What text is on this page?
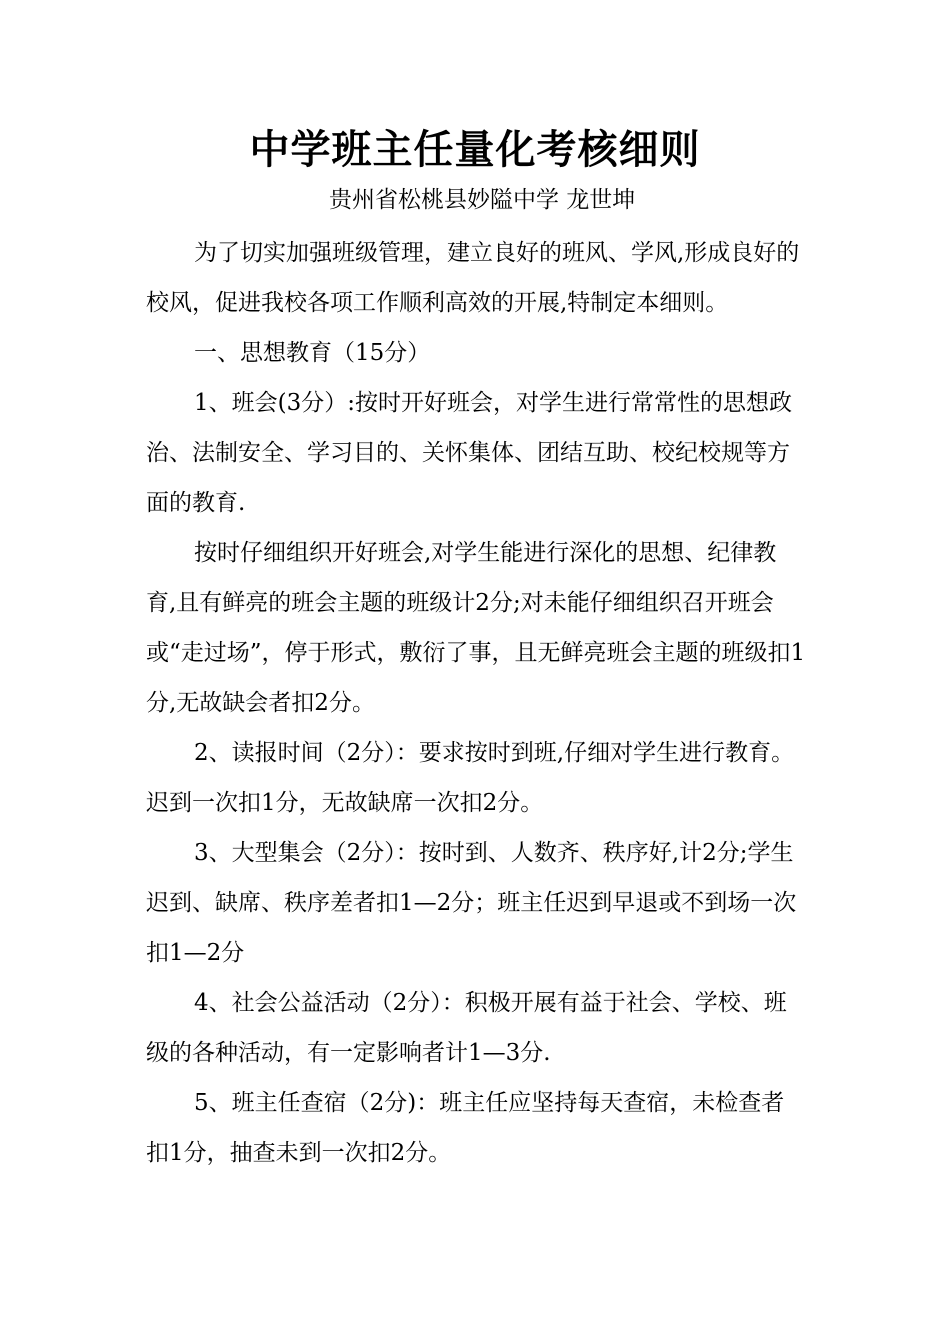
中学班主任量化考核细则

贵州省松桃县妙隘中学 龙世坤

为了切实加强班级管理，建立良好的班风、学风,形成良好的校风，促进我校各项工作顺利高效的开展,特制定本细则。

一、思想教育（15分）

1、班会(3分）:按时开好班会，对学生进行常常性的思想政治、法制安全、学习目的、关怀集体、团结互助、校纪校规等方面的教育.

按时仔细组织开好班会,对学生能进行深化的思想、纪律教育,且有鲜亮的班会主题的班级计2分;对未能仔细组织召开班会或“走过场”，停于形式，敷衍了事，且无鲜亮班会主题的班级扣1分,无故缺会者扣2分。

2、读报时间（2分）：要求按时到班,仔细对学生进行教育。迟到一次扣1分，无故缺席一次扣2分。

3、大型集会（2分）：按时到、人数齐、秩序好,计2分;学生迟到、缺席、秩序差者扣1—2分；班主任迟到早退或不到场一次扣1—2分

4、社会公益活动（2分）：积极开展有益于社会、学校、班级的各种活动，有一定影响者计1—3分.

5、班主任查宿（2分)：班主任应坚持每天查宿，未检查者扣1分，抽查未到一次扣2分。
